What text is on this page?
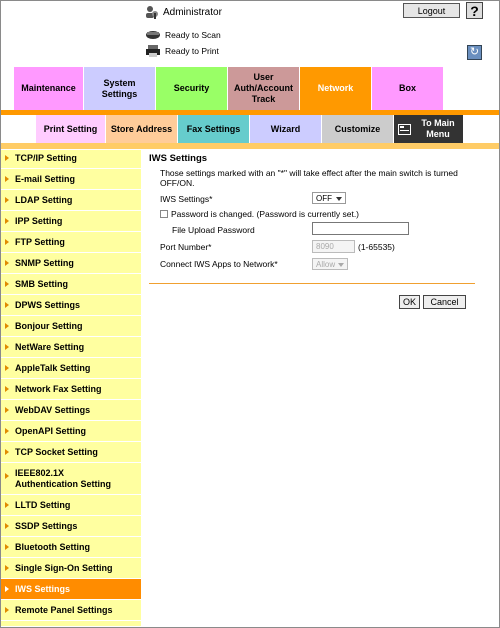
Administrator	Logout	?
Ready to Scan
Ready to Print	↻
Maintenance
System Settings
Security
User Auth/Account Track
Network	Box
Print Setting Store Address Fax Settings	Wizard	Customize
To Main Menu
TCP/IP Setting
E-mail Setting
LDAP Setting
IPP Setting
FTP Setting
SNMP Setting
SMB Setting
DPWS Settings
Bonjour Setting
NetWare Setting
AppleTalk Setting
Network Fax Setting
WebDAV Settings
OpenAPI Setting
TCP Socket Setting
IEEE802.1X Authentication Setting
LLTD Setting
SSDP Settings
Bluetooth Setting
Single Sign-On Setting
IWS Settings
Remote Panel Settings
IWS Settings
Those settings marked with an "*" will take effect after the main switch is turned OFF/ON.
IWS Settings*	OFF
Password is changed. (Password is currently set.)
File Upload Password
Port Number*	8090	(1-65535)
Connect IWS Apps to Network*	Allow
OK	Cancel
